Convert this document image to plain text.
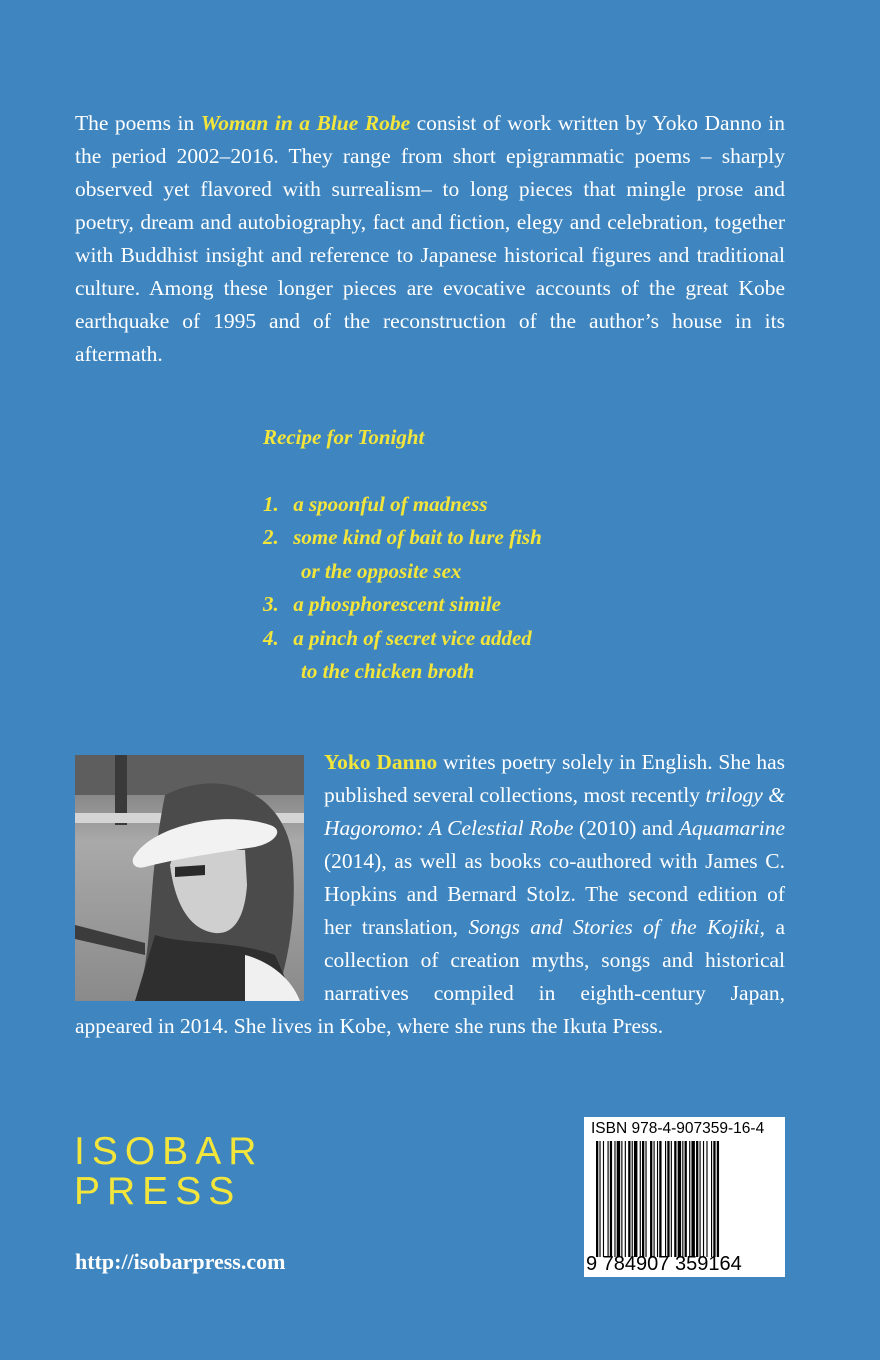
The poems in Woman in a Blue Robe consist of work written by Yoko Danno in the period 2002–2016. They range from short epigrammatic poems – sharply observed yet flavored with surrealism– to long pieces that mingle prose and poetry, dream and autobiography, fact and fiction, elegy and celebration, together with Buddhist insight and reference to Japanese historical figures and traditional culture. Among these longer pieces are evocative accounts of the great Kobe earthquake of 1995 and of the reconstruction of the author’s house in its aftermath.
Recipe for Tonight
1. a spoonful of madness
2. some kind of bait to lure fish
or the opposite sex
3. a phosphorescent simile
4. a pinch of secret vice added
to the chicken broth
Yoko Danno writes poetry solely in English. She has published several collections, most recently trilogy & Hagoromo: A Celestial Robe (2010) and Aquamarine (2014), as well as books co-authored with James C. Hopkins and Bernard Stolz. The second edition of her translation, Songs and Stories of the Kojiki, a collection of creation myths, songs and historical narratives compiled in eighth-century Japan, appeared in 2014. She lives in Kobe, where she runs the Ikuta Press.
ISOBAR
PRESS
http://isobarpress.com
ISBN 978-4-907359-16-4
9 784907 359164
